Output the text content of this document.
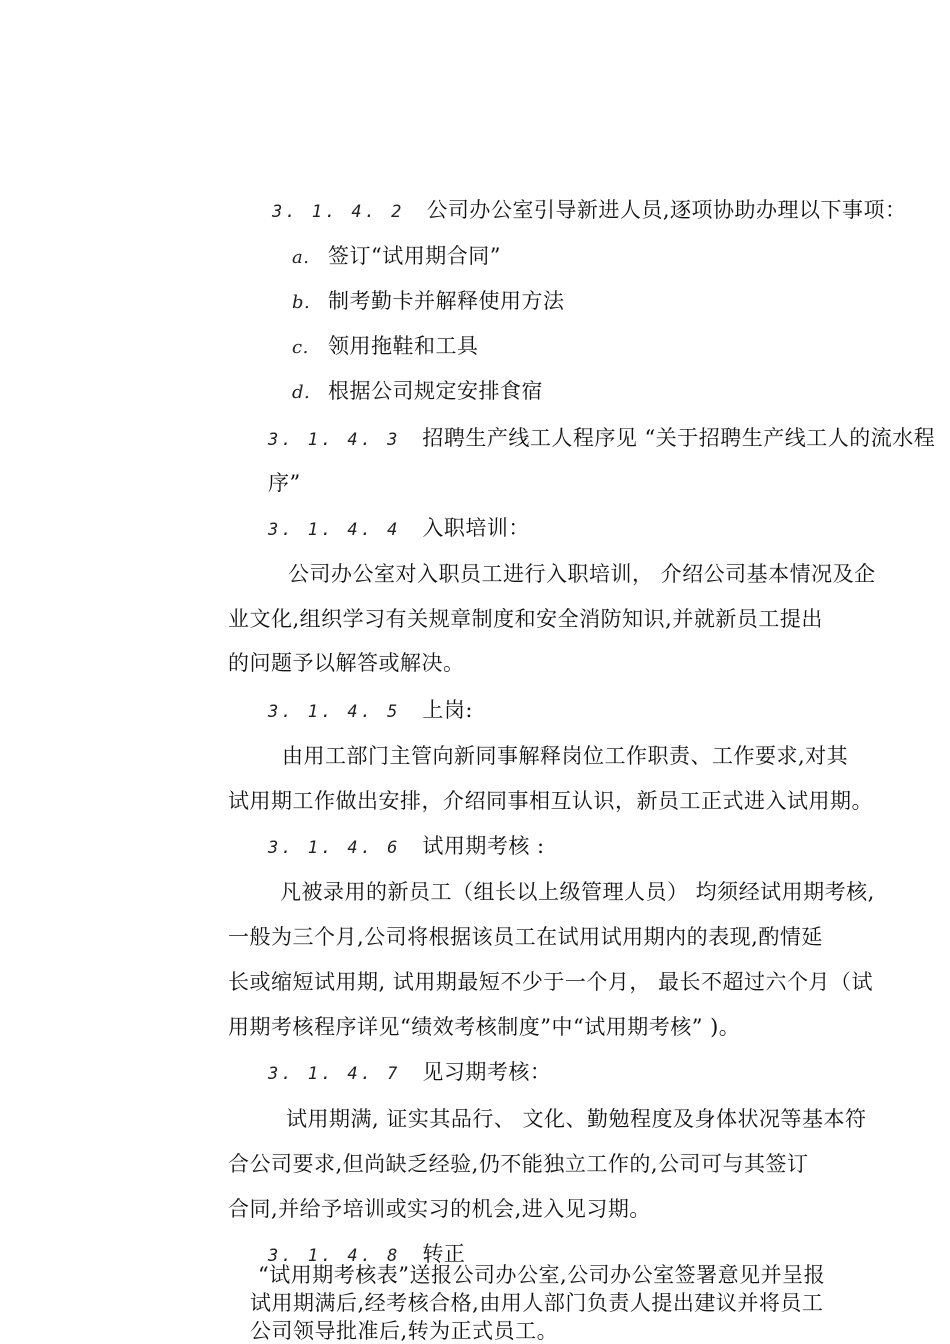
3. 1. 4. 2 公司办公室引导新进人员,逐项协助办理以下事项：
a. 签订“试用期合同”
b. 制考勤卡并解释使用方法
c. 领用拖鞋和工具
d. 根据公司规定安排食宿
3. 1. 4. 3 招聘生产线工人程序见 “关于招聘生产线工人的流水程
序”
3. 1. 4. 4 入职培训：
公司办公室对入职员工进行入职培训， 介绍公司基本情况及企
业文化,组织学习有关规章制度和安全消防知识,并就新员工提出
的问题予以解答或解决。
3. 1. 4. 5 上岗:
由用工部门主管向新同事解释岗位工作职责、工作要求,对其
试用期工作做出安排，介绍同事相互认识，新员工正式进入试用期。
3. 1. 4. 6 试用期考核 :
凡被录用的新员工（组长以上级管理人员） 均须经试用期考核,
一般为三个月,公司将根据该员工在试用试用期内的表现,酌情延
长或缩短试用期, 试用期最短不少于一个月， 最长不超过六个月（试
用期考核程序详见“绩效考核制度”中“试用期考核” )。
3. 1. 4. 7 见习期考核：
试用期满, 证实其品行、 文化、勤勉程度及身体状况等基本符
合公司要求,但尚缺乏经验,仍不能独立工作的,公司可与其签订
合同,并给予培训或实习的机会,进入见习期。
3. 1. 4. 8 转正
“试用期考核表”送报公司办公室,公司办公室签署意见并呈报
试用期满后,经考核合格,由用人部门负责人提出建议并将员工
公司领导批准后,转为正式员工。
